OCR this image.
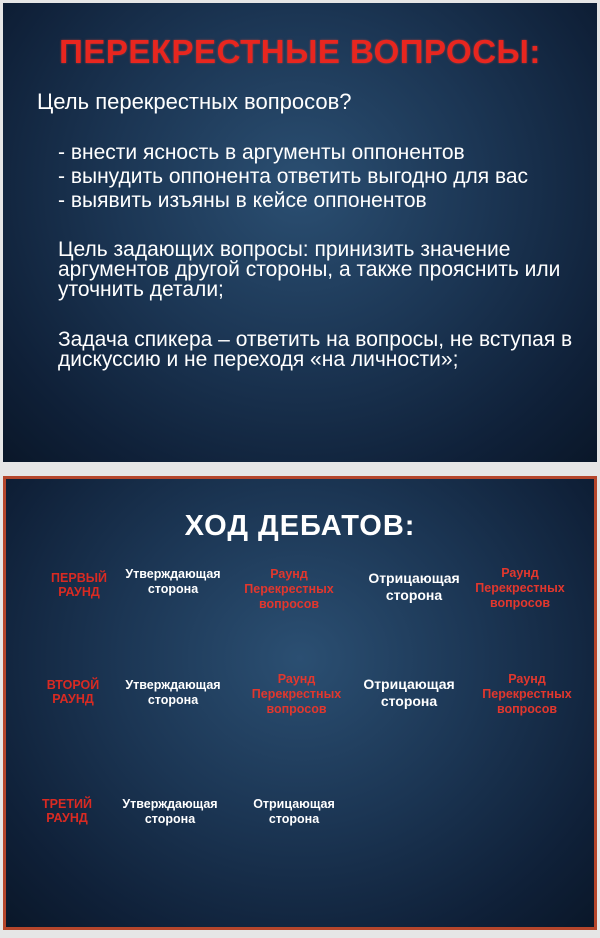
ПЕРЕКРЕСТНЫЕ ВОПРОСЫ:
Цель перекрестных вопросов?
- внести ясность в аргументы оппонентов
- вынудить оппонента ответить выгодно для вас
- выявить изъяны в кейсе оппонентов
Цель задающих вопросы: принизить значение аргументов другой стороны, а также прояснить или уточнить детали;
Задача спикера – ответить на вопросы, не вступая в дискуссию и не переходя «на личности»;
ХОД ДЕБАТОВ:
ПЕРВЫЙ РАУНД
Утверждающая сторона
Раунд Перекрестных вопросов
Отрицающая сторона
Раунд Перекрестных вопросов
ВТОРОЙ РАУНД
Утверждающая сторона
Раунд Перекрестных вопросов
Отрицающая сторона
Раунд Перекрестных вопросов
ТРЕТИЙ РАУНД
Утверждающая сторона
Отрицающая сторона
